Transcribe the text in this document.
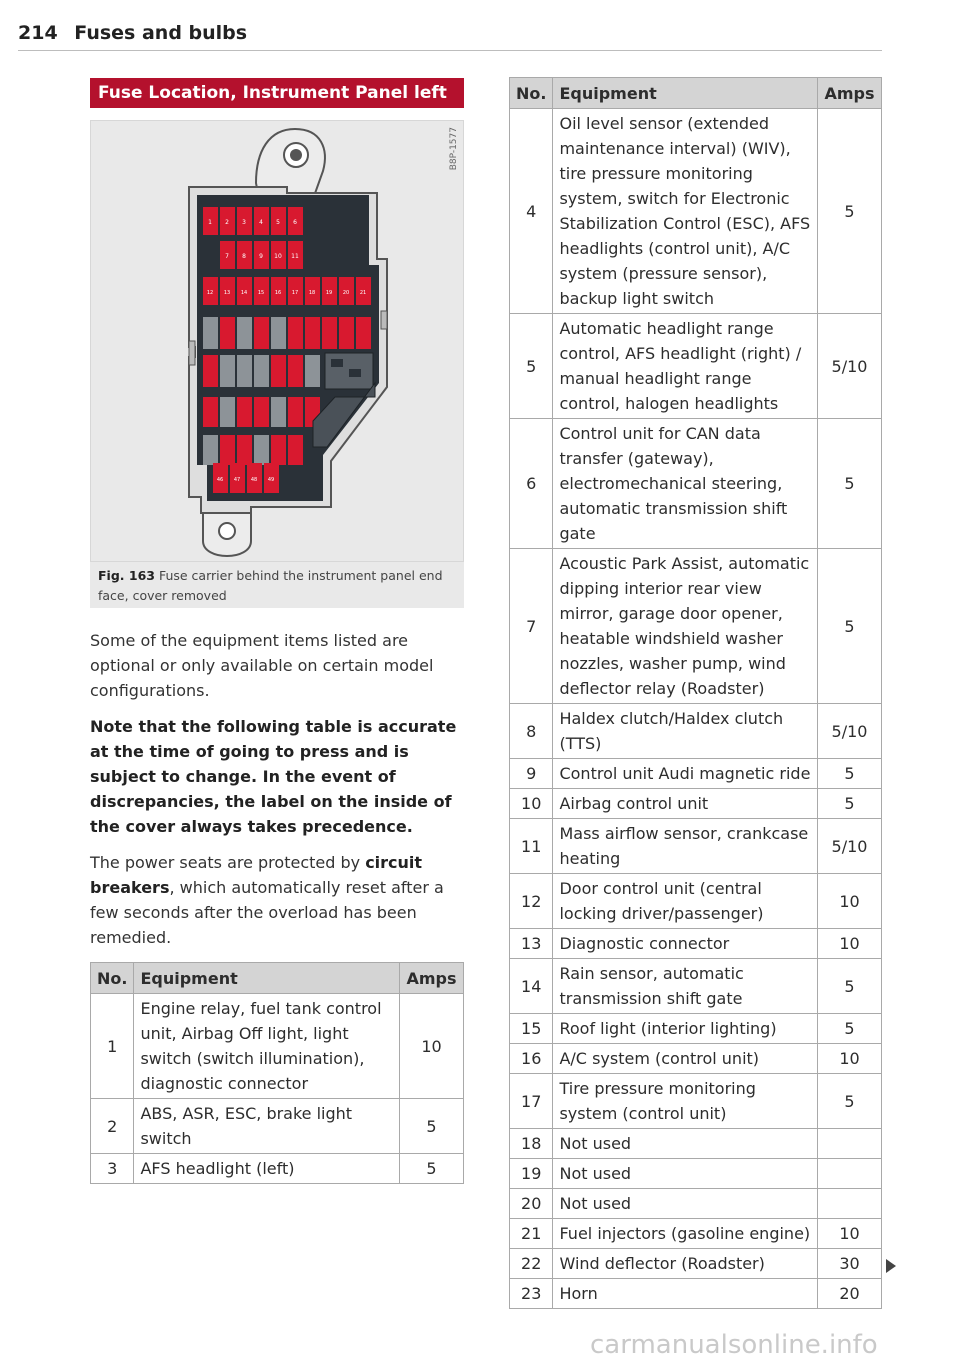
214 Fuses and bulbs
Fuse Location, Instrument Panel left
B8P-1577
1 2 3 4 5 6
7 8 9 10 11
12 13 14 15 16 17 18 19 20 21
46 47 48 49
Fig. 163 Fuse carrier behind the instrument panel end face, cover removed
Some of the equipment items listed are optional or only available on certain model configurations.
Note that the following table is accurate at the time of going to press and is subject to change. In the event of discrepancies, the label on the inside of the cover always takes precedence.
The power seats are protected by circuit breakers, which automatically reset after a few seconds after the overload has been remedied.
No.	Equipment	Amps
1	Engine relay, fuel tank control unit, Airbag Off light, light switch (switch illumination), diagnostic connector	10
2	ABS, ASR, ESC, brake light switch	5
3	AFS headlight (left)	5
No.	Equipment	Amps
4	Oil level sensor (extended maintenance interval) (WIV), tire pressure monitoring system, switch for Electronic Stabilization Control (ESC), AFS headlights (control unit), A/C system (pressure sensor), backup light switch	5
5	Automatic headlight range control, AFS headlight (right) / manual headlight range control, halogen headlights	5/10
6	Control unit for CAN data transfer (gateway), electromechanical steering, automatic transmission shift gate	5
7	Acoustic Park Assist, automatic dipping interior rear view mirror, garage door opener, heatable windshield washer nozzles, washer pump, wind deflector relay (Roadster)	5
8	Haldex clutch/Haldex clutch (TTS)	5/10
9	Control unit Audi magnetic ride	5
10	Airbag control unit	5
11	Mass airflow sensor, crankcase heating	5/10
12	Door control unit (central locking driver/passenger)	10
13	Diagnostic connector	10
14	Rain sensor, automatic transmission shift gate	5
15	Roof light (interior lighting)	5
16	A/C system (control unit)	10
17	Tire pressure monitoring system (control unit)	5
18	Not used	
19	Not used	
20	Not used	
21	Fuel injectors (gasoline engine)	10
22	Wind deflector (Roadster)	30
23	Horn	20
carmanualsonline.info
